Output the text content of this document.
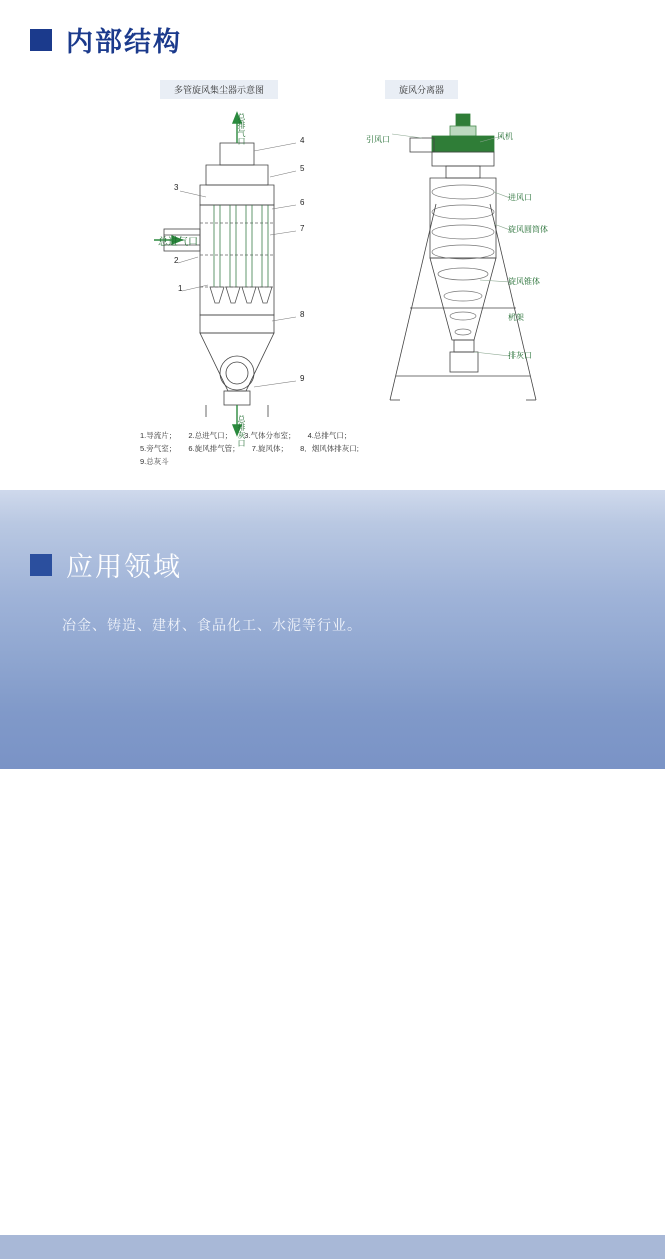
内部结构
多管旋风集尘器示意图	旋风分离器
总排气口
总进气口
总排灰口
4
5
3
6
7
2
1
8
9
引风口	风机
进风口
旋风圆筒体
旋风锥体
机架
排灰口
1.导流片； 2.总进气口； 3.气体分布室； 4.总排气口； 5.旁气室； 6.旋风排气管； 7.旋风体； 8．烟风体排灰口; 9.总灰斗
应用领域
冶金、铸造、建材、食品化工、水泥等行业。
